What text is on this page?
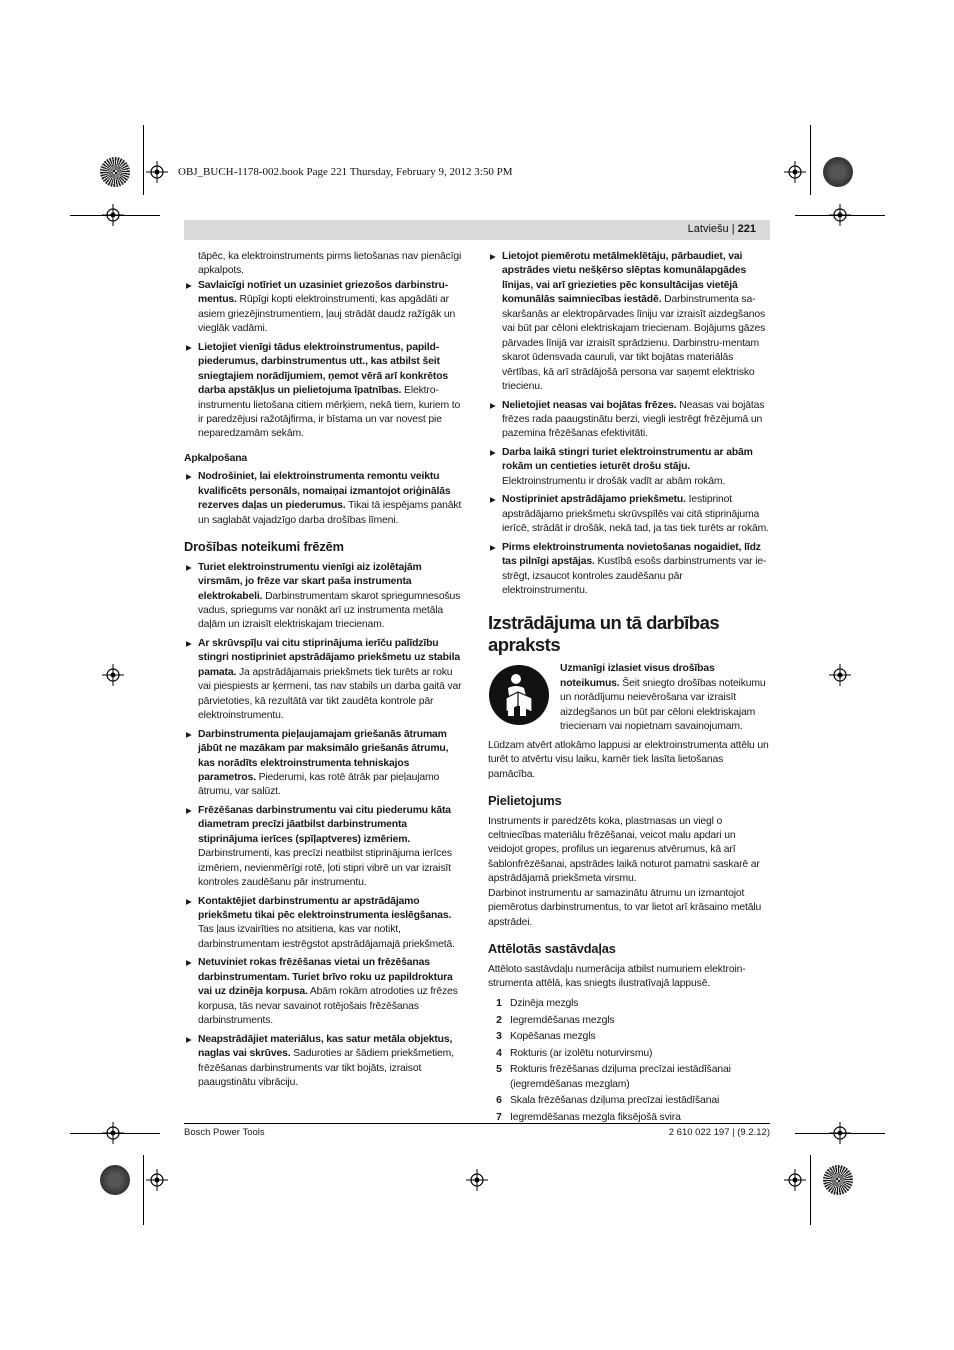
OBJ_BUCH-1178-002.book Page 221 Thursday, February 9, 2012 3:50 PM
Latviešu | 221

tāpēc, ka elektroinstruments pirms lietošanas nav pienācīgi apkalpots.

▶ Savlaicīgi notīriet un uzasiniet griezošos darbinstru-mentus. Rūpīgi kopti elektroinstrumenti, kas apgādāti ar asiem griezējinstrumentiem, ļauj strādāt daudz ražīgāk un vieglāk vadāmi.
▶ Lietojiet vienīgi tādus elektroinstrumentus, papild-piederumus, darbinstrumentus utt., kas atbilst šeit sniegtajiem norādījumiem, ņemot vērā arī konkrētos darba apstākļus un pielietojuma īpatnības. Elektro-instrumentu lietošana citiem mērķiem, nekā tiem, kuriem to ir paredzējusi ražotājfirma, ir bīstama un var novest pie neparedzamām sekām.
Apkalpošana
▶ Nodrošiniet, lai elektroinstrumenta remontu veiktu kvalificēts personāls, nomaiņai izmantojot oriģinālās rezerves daļas un piederumus. Tikai tā iespējams panākt un saglabāt vajadzīgo darba drošības līmeni.
Drošības noteikumi frēzēm
▶ Turiet elektroinstrumentu vienīgi aiz izolētajām virsmām, jo frēze var skart paša instrumenta elektrokabeli. Darbinstrumentam skarot spriegumnesošus vadus, spriegums var nonākt arī uz instrumenta metāla daļām un izraisīt elektriskajam triecienam.
▶ Ar skrūvspīļu vai citu stiprinājuma ierīču palīdzību stingri nostipriniet apstrādājamo priekšmetu uz stabila pamata. Ja apstrādājamais priekšmets tiek turēts ar roku vai piespiests ar ķermeni, tas nav stabils un darba gaitā var pārvietoties, kā rezultātā var tikt zaudēta kontrole pār elektroinstrumentu.
▶ Darbinstrumenta pieļaujamajam griešanās ātrumam jābūt ne mazākam par maksimālo griešanās ātrumu, kas norādīts elektroinstrumenta tehniskajos parametros. Piederumi, kas rotē ātrāk par pieļaujamo ātrumu, var salūzt.
▶ Frēzēšanas darbinstrumentu vai citu piederumu kāta diametram precīzi jāatbilst darbinstrumenta stiprinājuma ierīces (spīļaptveres) izmēriem. Darbinstrumenti, kas precīzi neatbilst stiprinājuma ierīces izmēriem, nevienmērīgi rotē, ļoti stipri vibrē un var izraisīt kontroles zaudēšanu pār instrumentu.
▶ Kontaktējiet darbinstrumentu ar apstrādājamo priekšmetu tikai pēc elektroinstrumenta ieslēgšanas. Tas ļaus izvairīties no atsitiena, kas var notikt, darbinstrumentam iestrēgstot apstrādājamajā priekšmetā.
▶ Netuviniet rokas frēzēšanas vietai un frēzēšanas darbinstrumentam. Turiet brīvo roku uz papildroktura vai uz dzinēja korpusa. Abām rokām atrodoties uz frēzes korpusa, tās nevar savainot rotējošais frēzēšanas darbinstruments.
▶ Neapstrādājiet materiālus, kas satur metāla objektus, naglas vai skrūves. Saduroties ar šādiem priekšmetiem, frēzēšanas darbinstruments var tikt bojāts, izraisot paaugstinātu vibrāciju.
▶ Lietojot piemērotu metālmeklētāju, pārbaudiet, vai apstrādes vietu nešķērso slēptas komunālapgādes līnijas, vai arī griezieties pēc konsultācijas vietējā komunālās saimniecības iestādē. Darbinstrumenta sa-skaršanās ar elektropārvades līniju var izraisīt aizdegšanos vai būt par cēloni elektriskajam triecienam. Bojājums gāzes pārvades līnijā var izraisīt sprādzienu. Darbinstru-mentam skarot ūdensvada cauruli, var tikt bojātas materiālās vērtības, kā arī strādājošā persona var saņemt elektrisko triecienu.
▶ Nelietojiet neasas vai bojātas frēzes. Neasas vai bojātas frēzes rada paaugstinātu berzi, viegli iestrēgt frēzējumā un pazemina frēzēšanas efektivitāti.
▶ Darba laikā stingri turiet elektroinstrumentu ar abām rokām un centieties ieturēt drošu stāju. Elektroinstrumentu ir drošāk vadīt ar abām rokām.
▶ Nostipriniet apstrādājamo priekšmetu. Iestiprinot apstrādājamo priekšmetu skrūvspīlēs vai citā stiprinājuma ierīcē, strādāt ir drošāk, nekā tad, ja tas tiek turēts ar rokām.
▶ Pirms elektroinstrumenta novietošanas nogaidiet, līdz tas pilnīgi apstājas. Kustībā esošs darbinstruments var ie-strēgt, izsaucot kontroles zaudēšanu pār elektroinstrumentu.
Izstrādājuma un tā darbības apraksts
Uzmanīgi izlasiet visus drošības noteikumus. Šeit sniegto drošības noteikumu un norādījumu neievērošana var izraisīt aizdegšanos un būt par cēloni elektriskajam triecienam vai nopietnam savainojumam.

Lūdzam atvērt atlokāmo lappusi ar elektroinstrumenta attēlu un turēt to atvērtu visu laiku, kamēr tiek lasīta lietošanas pamācība.

Pielietojums

Instruments ir paredzēts koka, plastmasas un viegl o celtniecības materiālu frēzēšanai, veicot malu apdari un veidojot gropes, profilus un iegarenus atvērumus, kā arī šablonfrēzēšanai, apstrādes laikā noturot pamatni saskarē ar apstrādājamā priekšmeta virsmu.

Darbinot instrumentu ar samazinātu ātrumu un izmantojot piemērotus darbinstrumentus, to var lietot arī krāsaino metālu apstrādei.

Attēlotās sastāvdaļas

Attēloto sastāvdaļu numerācija atbilst numuriem elektroin-strumenta attēlā, kas sniegts ilustratīvajā lappusē.

1 Dzinēja mezgls
2 Iegremdēšanas mezgls
3 Kopēšanas mezgls
4 Rokturis (ar izolētu noturvirsmu)
5 Rokturis frēzēšanas dziļuma precīzai iestādīšanai (iegremdēšanas mezglam)
6 Skala frēzēšanas dziļuma precīzai iestādīšanai
7 Iegremdēšanas mezgla fiksējošā svira
Bosch Power Tools	2 610 022 197 | (9.2.12)
